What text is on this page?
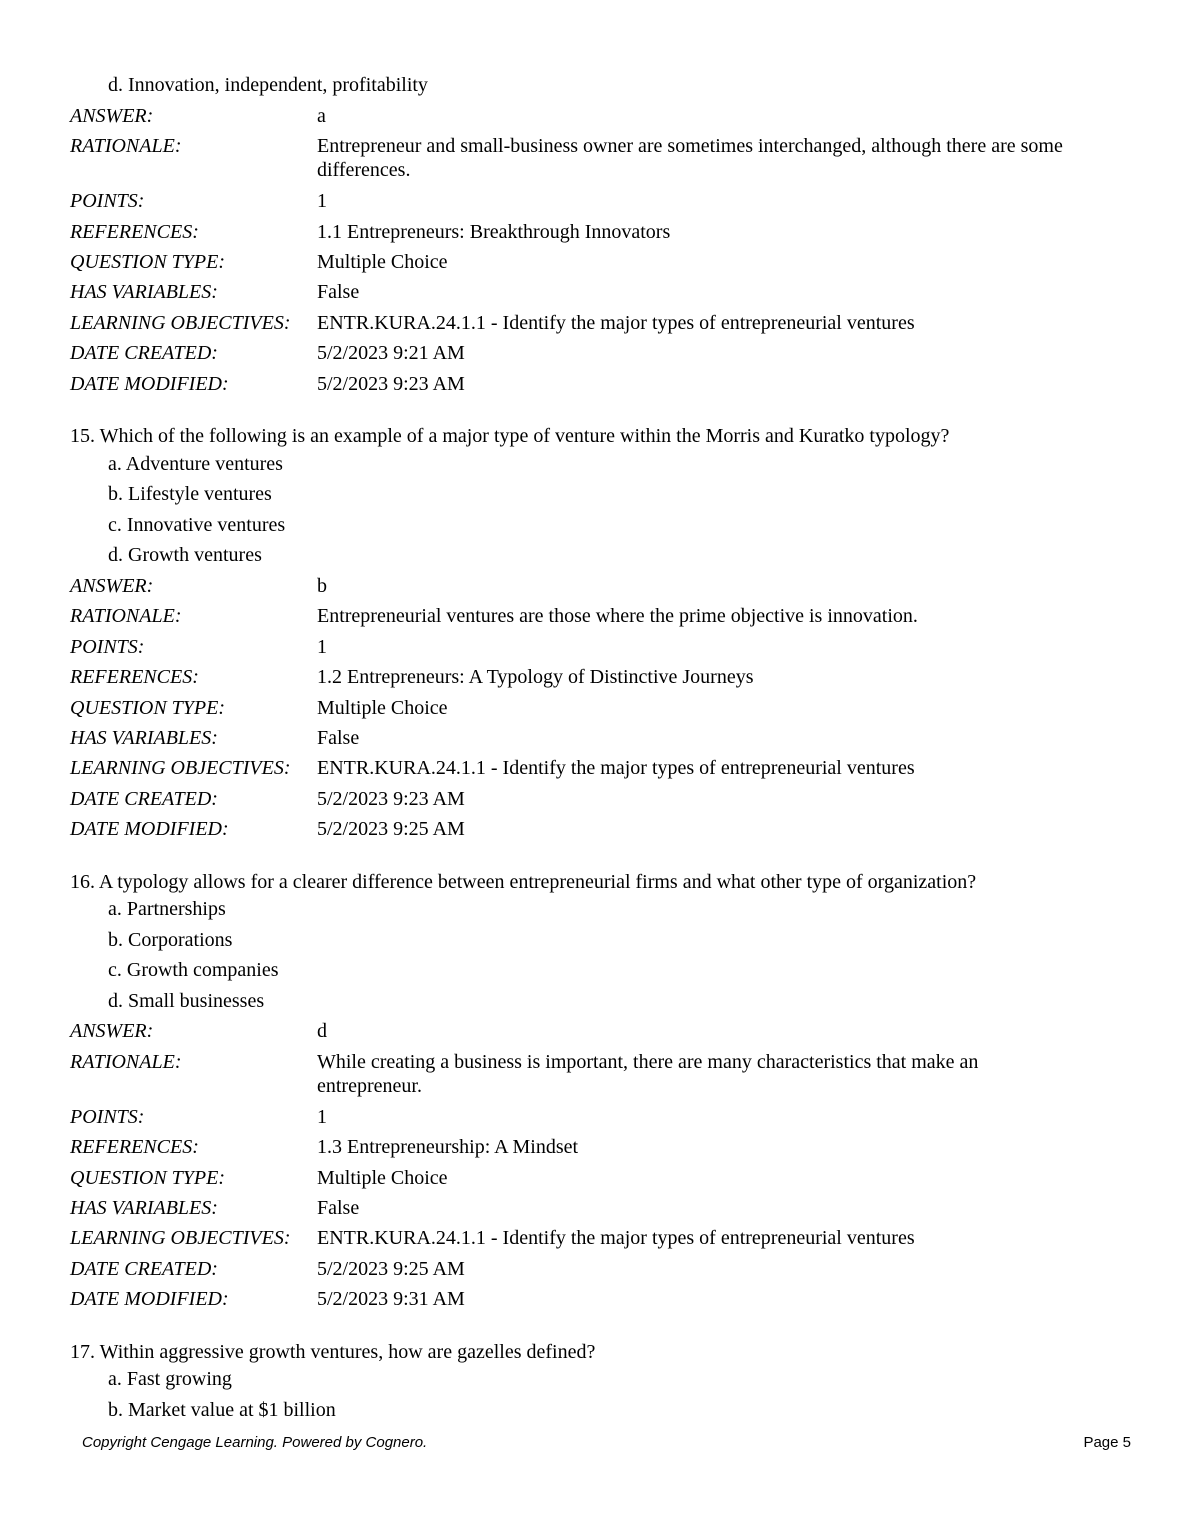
d. Innovation, independent, profitability
ANSWER:	a
RATIONALE:	Entrepreneur and small-business owner are sometimes interchanged, although there are some differences.
POINTS:	1
REFERENCES:	1.1 Entrepreneurs: Breakthrough Innovators
QUESTION TYPE:	Multiple Choice
HAS VARIABLES:	False
LEARNING OBJECTIVES: ENTR.KURA.24.1.1 - Identify the major types of entrepreneurial ventures
DATE CREATED:	5/2/2023 9:21 AM
DATE MODIFIED:	5/2/2023 9:23 AM
15. Which of the following is an example of a major type of venture within the Morris and Kuratko typology?
a. Adventure ventures
b. Lifestyle ventures
c. Innovative ventures
d. Growth ventures
ANSWER:	b
RATIONALE:	Entrepreneurial ventures are those where the prime objective is innovation.
POINTS:	1
REFERENCES:	1.2 Entrepreneurs: A Typology of Distinctive Journeys
QUESTION TYPE:	Multiple Choice
HAS VARIABLES:	False
LEARNING OBJECTIVES: ENTR.KURA.24.1.1 - Identify the major types of entrepreneurial ventures
DATE CREATED:	5/2/2023 9:23 AM
DATE MODIFIED:	5/2/2023 9:25 AM
16. A typology allows for a clearer difference between entrepreneurial firms and what other type of organization?
a. Partnerships
b. Corporations
c. Growth companies
d. Small businesses
ANSWER:	d
RATIONALE:	While creating a business is important, there are many characteristics that make an entrepreneur.
POINTS:	1
REFERENCES:	1.3 Entrepreneurship: A Mindset
QUESTION TYPE:	Multiple Choice
HAS VARIABLES:	False
LEARNING OBJECTIVES: ENTR.KURA.24.1.1 - Identify the major types of entrepreneurial ventures
DATE CREATED:	5/2/2023 9:25 AM
DATE MODIFIED:	5/2/2023 9:31 AM
17. Within aggressive growth ventures, how are gazelles defined?
a. Fast growing
b. Market value at $1 billion
Copyright Cengage Learning. Powered by Cognero.	Page 5
